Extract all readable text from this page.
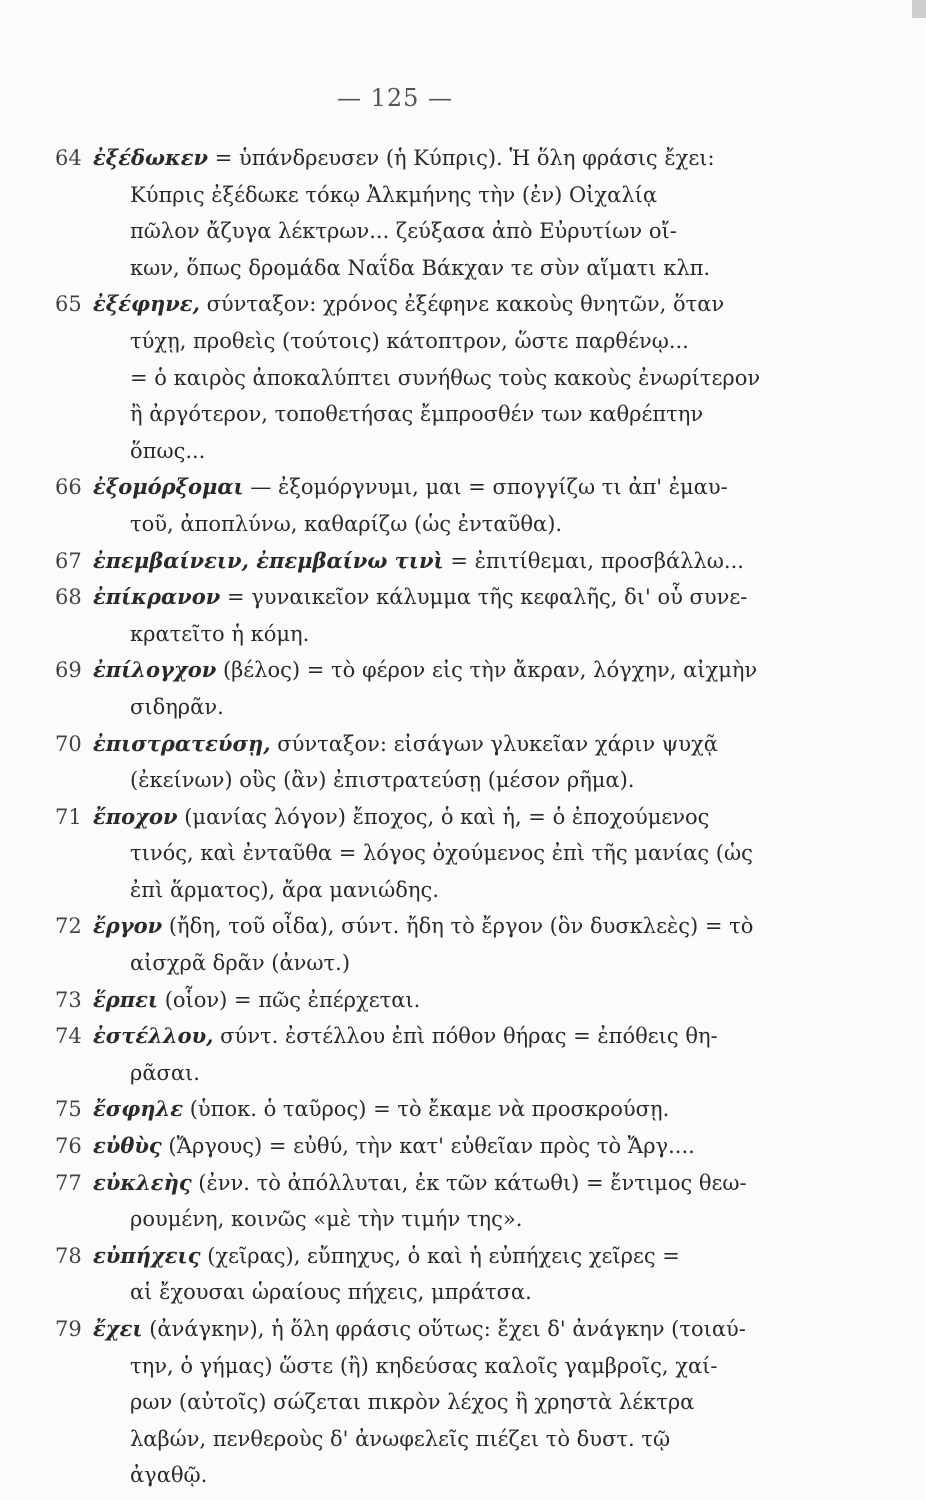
— 125 —
64 ἐξέδωκεν = ὑπάνδρευσεν (ἡ Κύπρις). Ἡ ὅλη φράσις ἔχει:
Κύπρις ἐξέδωκε τόκῳ Ἀλκμήνης τὴν (ἐν) Οἰχαλίᾳ
πῶλον ἄζυγα λέκτρων... ζεύξασα ἀπὸ Εὐρυτίων οἴ-
κων, ὅπως δρομάδα Ναΐδα Βάκχαν τε σὺν αἵματι κλπ.
65 ἐξέφηνε, σύνταξον: χρόνος ἐξέφηνε κακοὺς θνητῶν, ὅταν
τύχῃ, προθεὶς (τούτοις) κάτοπτρον, ὥστε παρθένῳ...
= ὁ καιρὸς ἀποκαλύπτει συνήθως τοὺς κακοὺς ἐνωρίτερον
ἢ ἀργότερον, τοποθετήσας ἔμπροσθέν των καθρέπτην
ὅπως...
66 ἐξομόρξομαι — ἐξομόργνυμι, μαι = σπογγίζω τι ἀπ' ἐμαυ-
τοῦ, ἀποπλύνω, καθαρίζω (ὡς ἐνταῦθα).
67 ἐπεμβαίνειν, ἐπεμβαίνω τινὶ = ἐπιτίθεμαι, προσβάλλω...
68 ἐπίκρανον = γυναικεῖον κάλυμμα τῆς κεφαλῆς, δι' οὗ συνε-
κρατεῖτο ἡ κόμη.
69 ἐπίλογχον (βέλος) = τὸ φέρον εἰς τὴν ἄκραν, λόγχην, αἰχμὴν
σιδηρᾶν.
70 ἐπιστρατεύσῃ, σύνταξον: εἰσάγων γλυκεῖαν χάριν ψυχᾷ
(ἐκείνων) οὓς (ἂν) ἐπιστρατεύσῃ (μέσον ρῆμα).
71 ἔποχον (μανίας λόγον) ἔποχος, ὁ καὶ ἡ, = ὁ ἐποχούμενος
τινός, καὶ ἐνταῦθα = λόγος ὀχούμενος ἐπὶ τῆς μανίας (ὡς
ἐπὶ ἅρματος), ἄρα μανιώδης.
72 ἔργον (ἤδη, τοῦ οἶδα), σύντ. ἤδη τὸ ἔργον (ὃν δυσκλεὲς) = τὸ
αἰσχρᾶ δρᾶν (ἀνωτ.)
73 ἕρπει (οἷον) = πῶς ἐπέρχεται.
74 ἐστέλλου, σύντ. ἐστέλλου ἐπὶ πόθον θήρας = ἐπόθεις θη-
ρᾶσαι.
75 ἔσφηλε (ὑποκ. ὁ ταῦρος) = τὸ ἔκαμε νὰ προσκρούσῃ.
76 εὐθὺς (Ἄργους) = εὐθύ, τὴν κατ' εὐθεῖαν πρὸς τὸ Ἄργ....
77 εὐκλεὴς (ἐνν. τὸ ἀπόλλυται, ἐκ τῶν κάτωθι) = ἔντιμος θεω-
ρουμένη, κοινῶς «μὲ τὴν τιμήν της».
78 εὐπήχεις (χεῖρας), εὔπηχυς, ὁ καὶ ἡ εὐπήχεις χεῖρες =
αἱ ἔχουσαι ὡραίους πήχεις, μπράτσα.
79 ἔχει (ἀνάγκην), ἡ ὅλη φράσις οὕτως: ἔχει δ' ἀνάγκην (τοιαύ-
την, ὁ γήμας) ὥστε (ἢ) κηδεύσας καλοῖς γαμβροῖς, χαί-
ρων (αὐτοῖς) σώζεται πικρὸν λέχος ἢ χρηστὰ λέκτρα
λαβών, πενθεροὺς δ' ἀνωφελεῖς πιέζει τὸ δυστ. τῷ
ἀγαθῷ.
